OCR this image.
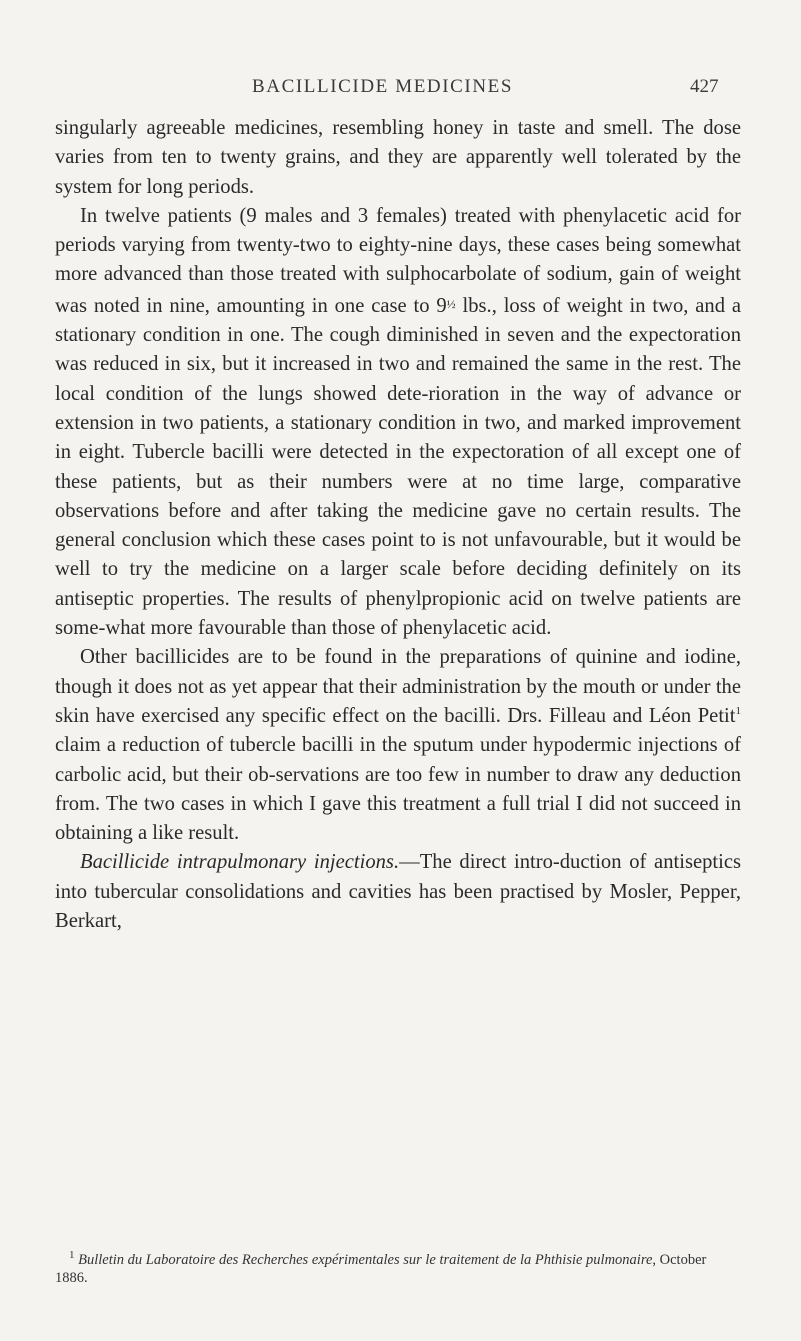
BACILLICIDE MEDICINES	427

singularly agreeable medicines, resembling honey in taste and smell. The dose varies from ten to twenty grains, and they are apparently well tolerated by the system for long periods.

In twelve patients (9 males and 3 females) treated with phenylacetic acid for periods varying from twenty-two to eighty-nine days, these cases being somewhat more advanced than those treated with sulphocarbolate of sodium, gain of weight was noted in nine, amounting in one case to 9½ lbs., loss of weight in two, and a stationary condition in one. The cough diminished in seven and the expectoration was reduced in six, but it increased in two and remained the same in the rest. The local condition of the lungs showed dete-rioration in the way of advance or extension in two patients, a stationary condition in two, and marked improvement in eight. Tubercle bacilli were detected in the expectoration of all except one of these patients, but as their numbers were at no time large, comparative observations before and after taking the medicine gave no certain results. The general conclusion which these cases point to is not unfavourable, but it would be well to try the medicine on a larger scale before deciding definitely on its antiseptic properties. The results of phenylpropionic acid on twelve patients are some-what more favourable than those of phenylacetic acid.

Other bacillicides are to be found in the preparations of quinine and iodine, though it does not as yet appear that their administration by the mouth or under the skin have exercised any specific effect on the bacilli. Drs. Filleau and Léon Petit$^1$ claim a reduction of tubercle bacilli in the sputum under hypodermic injections of carbolic acid, but their ob-servations are too few in number to draw any deduction from. The two cases in which I gave this treatment a full trial I did not succeed in obtaining a like result.

Bacillicide intrapulmonary injections.—The direct intro-duction of antiseptics into tubercular consolidations and cavities has been practised by Mosler, Pepper, Berkart,

$^1$ Bulletin du Laboratoire des Recherches expérimentales sur le traitement de la Phthisie pulmonaire, October 1886.
